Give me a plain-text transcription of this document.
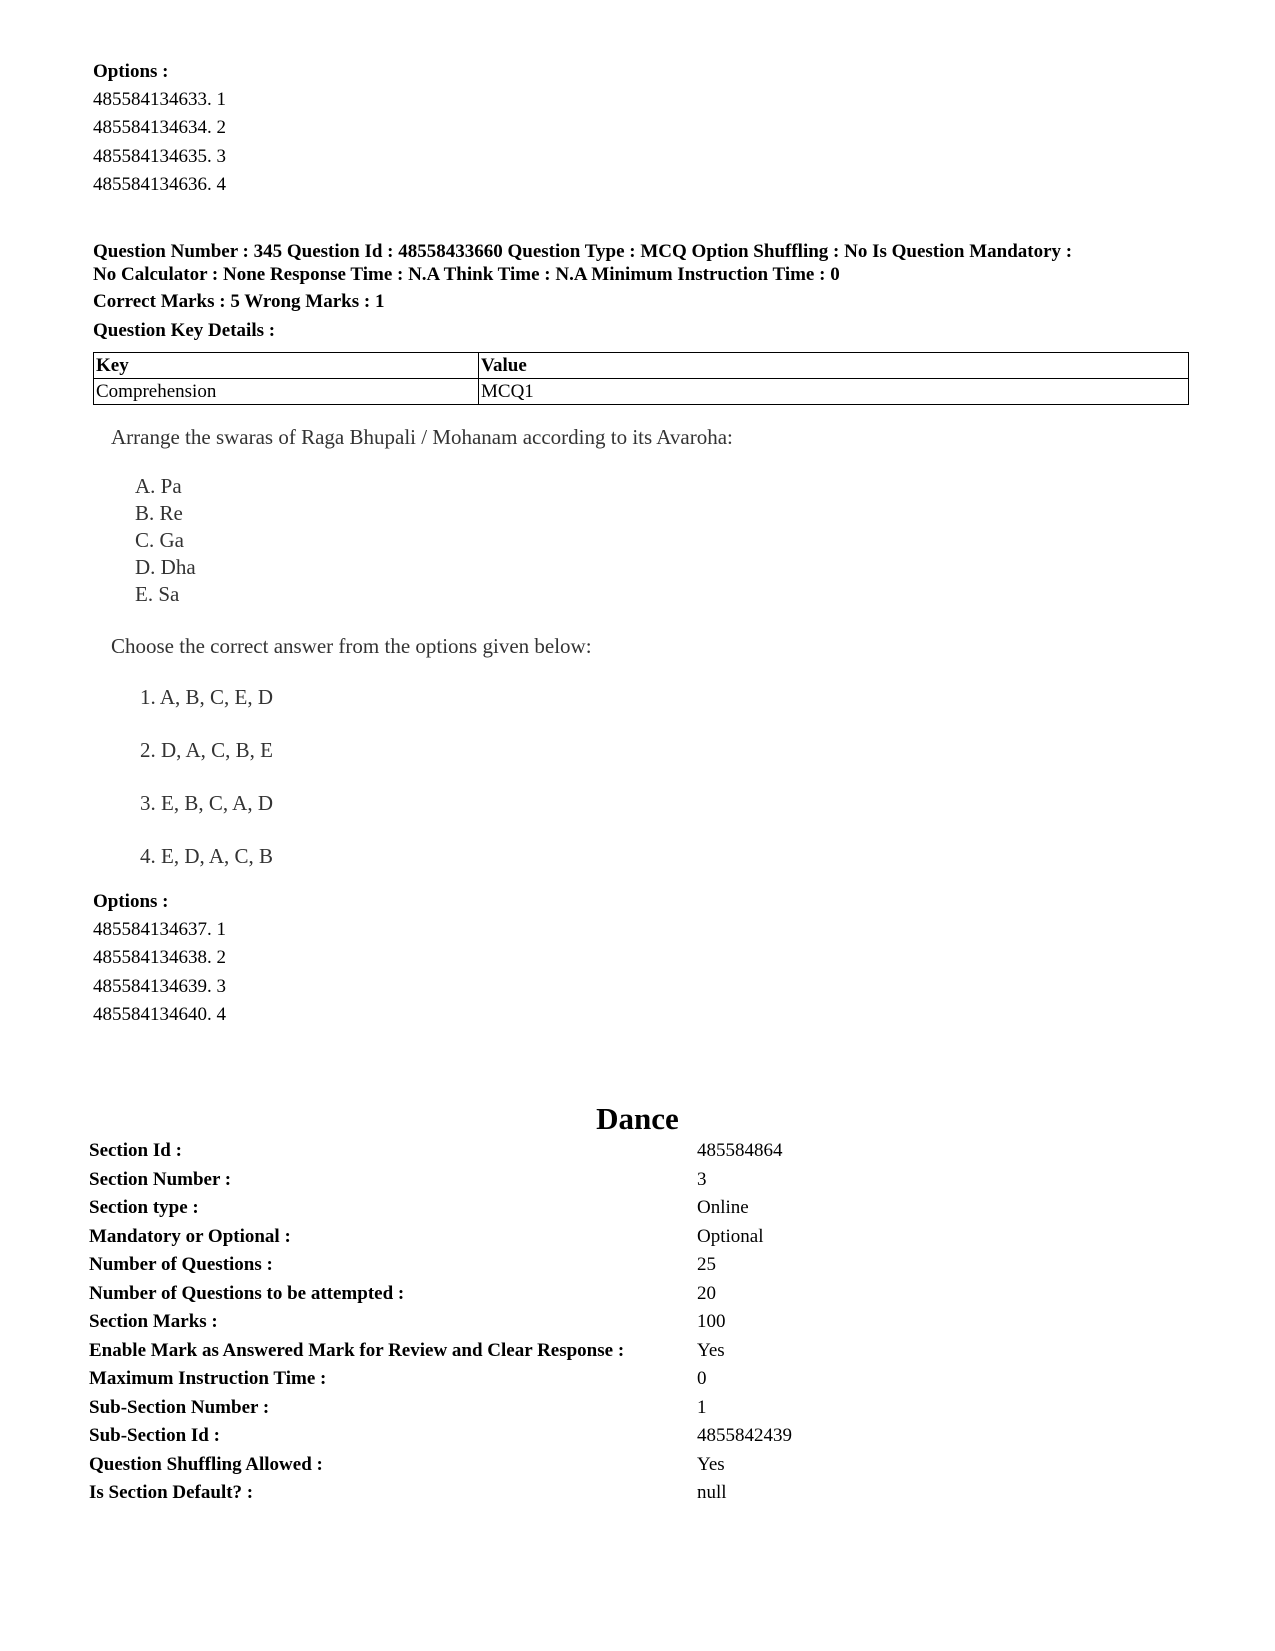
Options :
485584134633. 1
485584134634. 2
485584134635. 3
485584134636. 4
Question Number : 345 Question Id : 48558433660 Question Type : MCQ Option Shuffling : No Is Question Mandatory :
No Calculator : None Response Time : N.A Think Time : N.A Minimum Instruction Time : 0
Correct Marks : 5 Wrong Marks : 1
Question Key Details :
Key	Value
Comprehension	MCQ1
Arrange the swaras of Raga Bhupali / Mohanam according to its Avaroha:
A. Pa
B. Re
C. Ga
D. Dha
E. Sa
Choose the correct answer from the options given below:
1. A, B, C, E, D
2. D, A, C, B, E
3. E, B, C, A, D
4. E, D, A, C, B
Options :
485584134637. 1
485584134638. 2
485584134639. 3
485584134640. 4
Dance
Section Id :	485584864
Section Number :	3
Section type :	Online
Mandatory or Optional :	Optional
Number of Questions :	25
Number of Questions to be attempted :	20
Section Marks :	100
Enable Mark as Answered Mark for Review and Clear Response :	Yes
Maximum Instruction Time :	0
Sub-Section Number :	1
Sub-Section Id :	4855842439
Question Shuffling Allowed :	Yes
Is Section Default? :	null
